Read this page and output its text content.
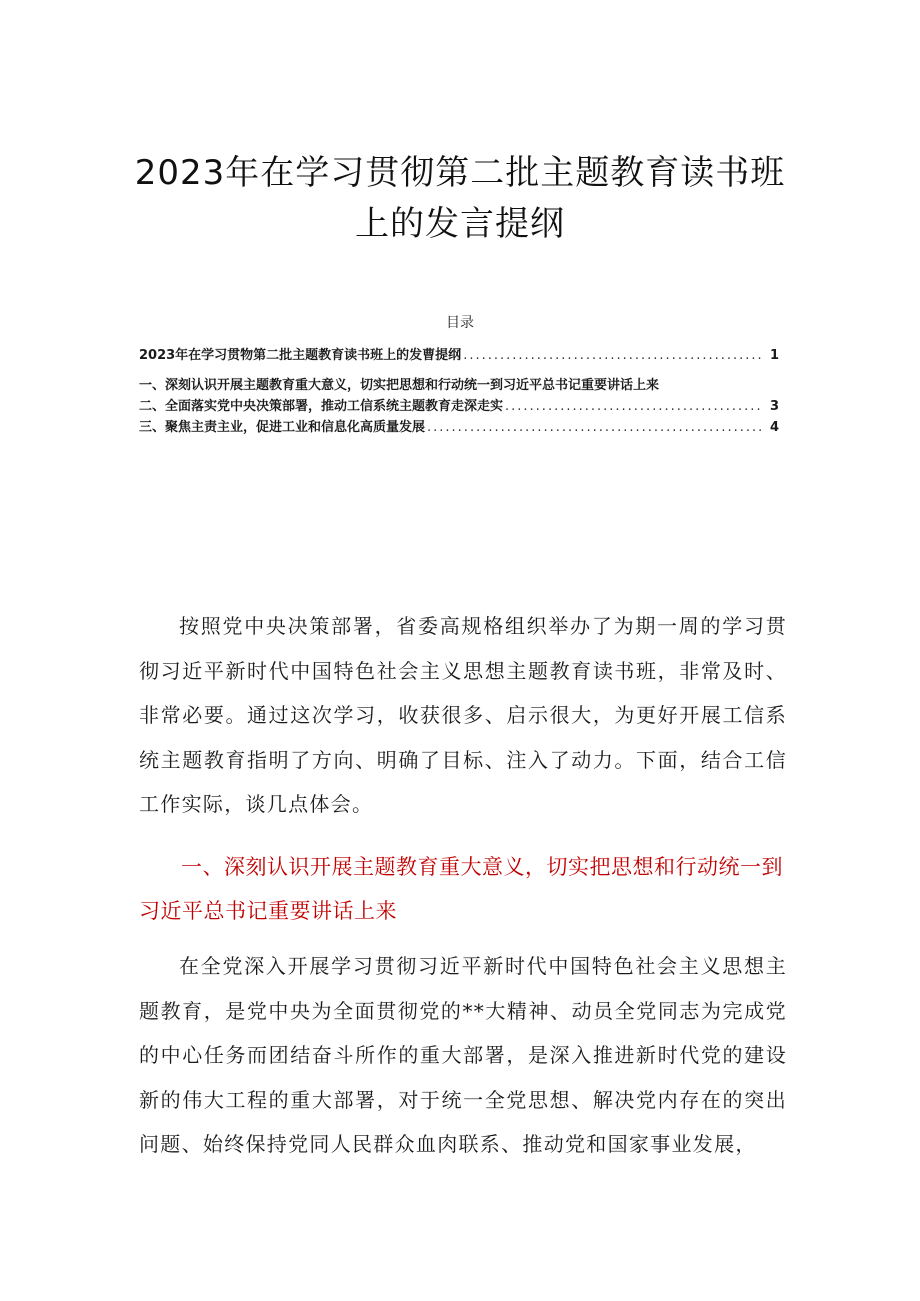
2023年在学习贯彻第二批主题教育读书班
上的发言提纲
目录
2023年在学习贯物第二批主题教育读书班上的发曹提纲 .....	1
一、深刻认识开展主题教育重大意义，切实把思想和行动统一到习近平总书记重要讲话上来
二、全面落实党中央决策部署，推动工信系统主题教育走深走实 .....	3
三、聚焦主责主业，促进工业和信息化高质量发展 .....	4

按照党中央决策部署，省委高规格组织举办了为期一周的学习贯彻习近平新时代中国特色社会主义思想主题教育读书班，非常及时、非常必要。通过这次学习，收获很多、启示很大，为更好开展工信系统主题教育指明了方向、明确了目标、注入了动力。下面，结合工信工作实际，谈几点体会。

一、深刻认识开展主题教育重大意义，切实把思想和行动统一到习近平总书记重要讲话上来

在全党深入开展学习贯彻习近平新时代中国特色社会主义思想主题教育，是党中央为全面贯彻党的**大精神、动员全党同志为完成党的中心任务而团结奋斗所作的重大部署，是深入推进新时代党的建设新的伟大工程的重大部署，对于统一全党思想、解决党内存在的突出问题、始终保持党同人民群众血肉联系、推动党和国家事业发展，
